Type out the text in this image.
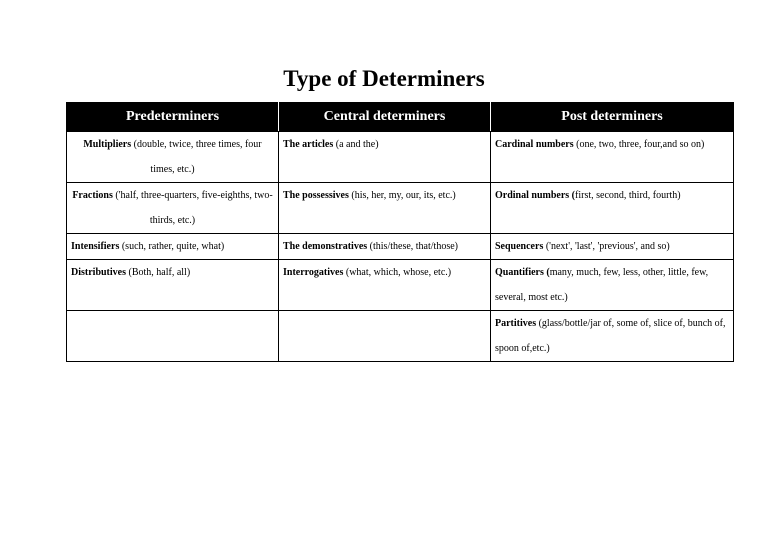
Type of Determiners
Predeterminers	Central determiners	Post determiners
Multipliers (double, twice, three times, four times, etc.)	The articles (a and the)	Cardinal numbers (one, two, three, four,and so on)
Fractions ('half, three-quarters, five-eighths, two-thirds, etc.)	The possessives (his, her, my, our, its, etc.)	Ordinal numbers (first, second, third, fourth)
Intensifiers (such, rather, quite, what)	The demonstratives (this/these, that/those)	Sequencers ('next', 'last', 'previous', and so)
Distributives (Both, half, all)	Interrogatives (what, which, whose, etc.)	Quantifiers (many, much, few, less, other, little, few, several, most etc.)
		Partitives (glass/bottle/jar of, some of, slice of, bunch of, spoon of,etc.)
